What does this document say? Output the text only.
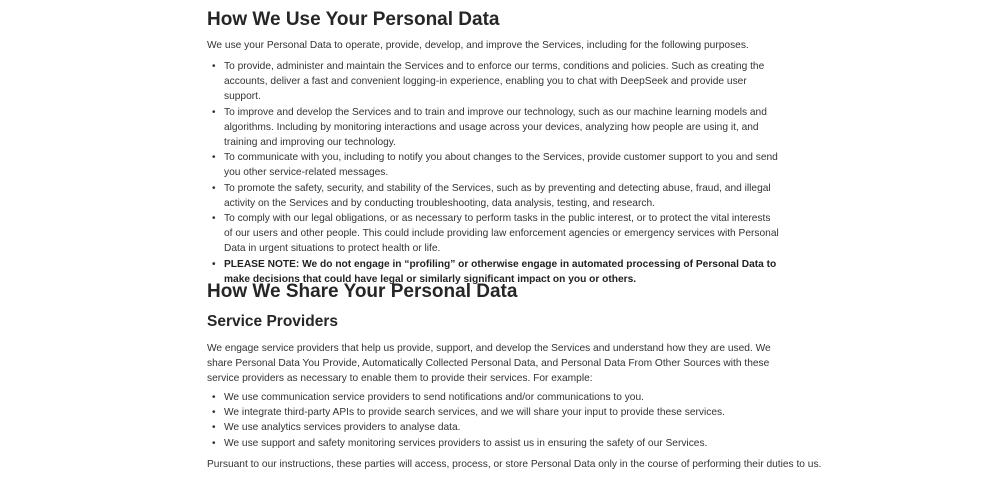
How We Use Your Personal Data

We use your Personal Data to operate, provide, develop, and improve the Services, including for the following purposes.

• To provide, administer and maintain the Services and to enforce our terms, conditions and policies. Such as creating the accounts, deliver a fast and convenient logging-in experience, enabling you to chat with DeepSeek and provide user support.
• To improve and develop the Services and to train and improve our technology, such as our machine learning models and algorithms. Including by monitoring interactions and usage across your devices, analyzing how people are using it, and training and improving our technology.
• To communicate with you, including to notify you about changes to the Services, provide customer support to you and send you other service-related messages.
• To promote the safety, security, and stability of the Services, such as by preventing and detecting abuse, fraud, and illegal activity on the Services and by conducting troubleshooting, data analysis, testing, and research.
• To comply with our legal obligations, or as necessary to perform tasks in the public interest, or to protect the vital interests of our users and other people. This could include providing law enforcement agencies or emergency services with Personal Data in urgent situations to protect health or life.
• PLEASE NOTE: We do not engage in “profiling” or otherwise engage in automated processing of Personal Data to make decisions that could have legal or similarly significant impact on you or others.
How We Share Your Personal Data
Service Providers

We engage service providers that help us provide, support, and develop the Services and understand how they are used. We share Personal Data You Provide, Automatically Collected Personal Data, and Personal Data From Other Sources with these service providers as necessary to enable them to provide their services. For example:

• We use communication service providers to send notifications and/or communications to you.
• We integrate third-party APIs to provide search services, and we will share your input to provide these services.
• We use analytics services providers to analyse data.
• We use support and safety monitoring services providers to assist us in ensuring the safety of our Services.

Pursuant to our instructions, these parties will access, process, or store Personal Data only in the course of performing their duties to us.
